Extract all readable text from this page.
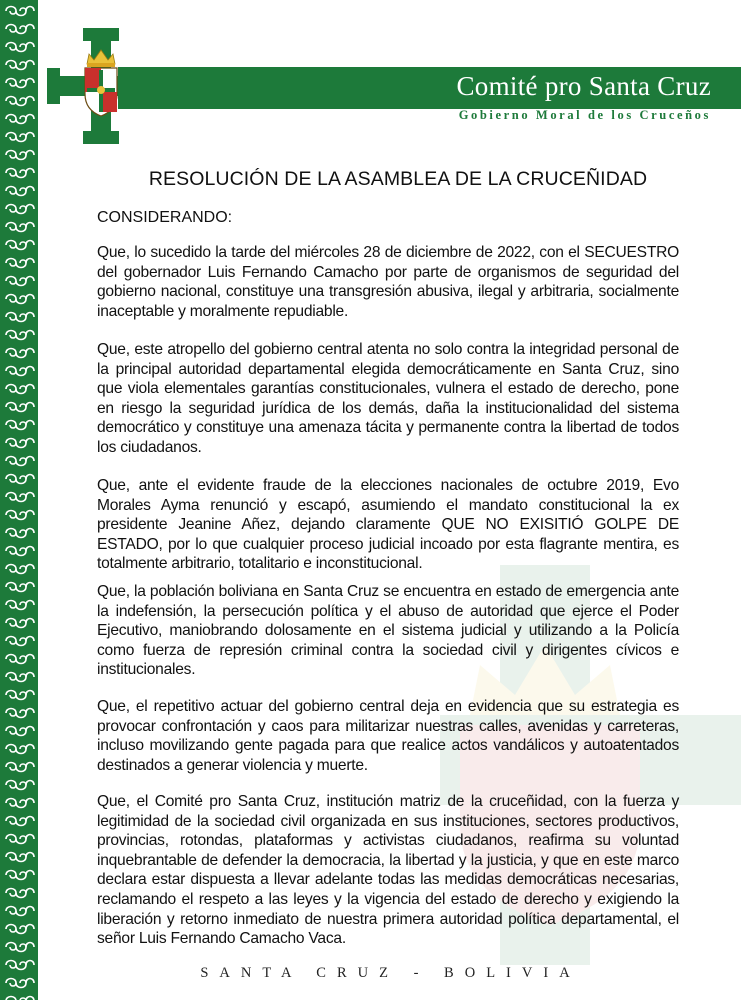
Comité pro Santa Cruz
Gobierno Moral de los Cruceños
RESOLUCIÓN DE LA ASAMBLEA DE LA CRUCEÑIDAD
CONSIDERANDO:

Que, lo sucedido la tarde del miércoles 28 de diciembre de 2022, con el SECUESTRO del gobernador Luis Fernando Camacho por parte de organismos de seguridad del gobierno nacional, constituye una transgresión abusiva, ilegal y arbitraria, socialmente inaceptable y moralmente repudiable.

Que, este atropello del gobierno central atenta no solo contra la integridad personal de la principal autoridad departamental elegida democráticamente en Santa Cruz, sino que viola elementales garantías constitucionales, vulnera el estado de derecho, pone en riesgo la seguridad jurídica de los demás, daña la institucionalidad del sistema democrático y constituye una amenaza tácita y permanente contra la libertad de todos los ciudadanos.

Que, ante el evidente fraude de la elecciones nacionales de octubre 2019, Evo Morales Ayma renunció y escapó, asumiendo el mandato constitucional la ex presidente Jeanine Añez, dejando claramente QUE NO EXISITIÓ GOLPE DE ESTADO, por lo que cualquier proceso judicial incoado por esta flagrante mentira, es totalmente arbitrario, totalitario e inconstitucional.

Que, la población boliviana en Santa Cruz se encuentra en estado de emergencia ante la indefensión, la persecución política y el abuso de autoridad que ejerce el Poder Ejecutivo, maniobrando dolosamente en el sistema judicial y utilizando a la Policía como fuerza de represión criminal contra la sociedad civil y dirigentes cívicos e institucionales.

Que, el repetitivo actuar del gobierno central deja en evidencia que su estrategia es provocar confrontación y caos para militarizar nuestras calles, avenidas y carreteras, incluso movilizando gente pagada para que realice actos vandálicos y autoatentados destinados a generar violencia y muerte.

Que, el Comité pro Santa Cruz, institución matriz de la cruceñidad, con la fuerza y legitimidad de la sociedad civil organizada en sus instituciones, sectores productivos, provincias, rotondas, plataformas y activistas ciudadanos, reafirma su voluntad inquebrantable de defender la democracia, la libertad y la justicia, y que en este marco declara estar dispuesta a llevar adelante todas las medidas democráticas necesarias, reclamando el respeto a las leyes y la vigencia del estado de derecho y exigiendo la liberación y retorno inmediato de nuestra primera autoridad política departamental, el señor Luis Fernando Camacho Vaca.

SANTA CRUZ - BOLIVIA
